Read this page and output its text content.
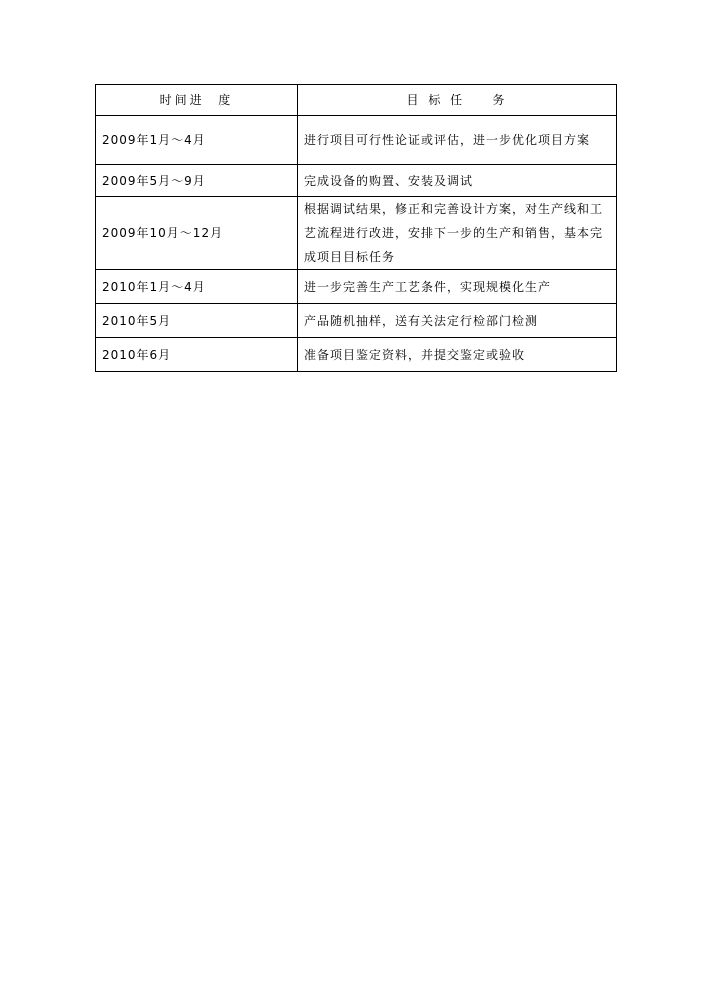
时间进  度	目 标 任    务
2009年1月～4月	进行项目可行性论证或评估，进一步优化项目方案
2009年5月～9月	完成设备的购置、安装及调试
2009年10月～12月	根据调试结果，修正和完善设计方案，对生产线和工艺流程进行改进，安排下一步的生产和销售，基本完成项目目标任务
2010年1月～4月	进一步完善生产工艺条件，实现规模化生产
2010年5月	产品随机抽样，送有关法定行检部门检测
2010年6月	准备项目鉴定资料，并提交鉴定或验收
